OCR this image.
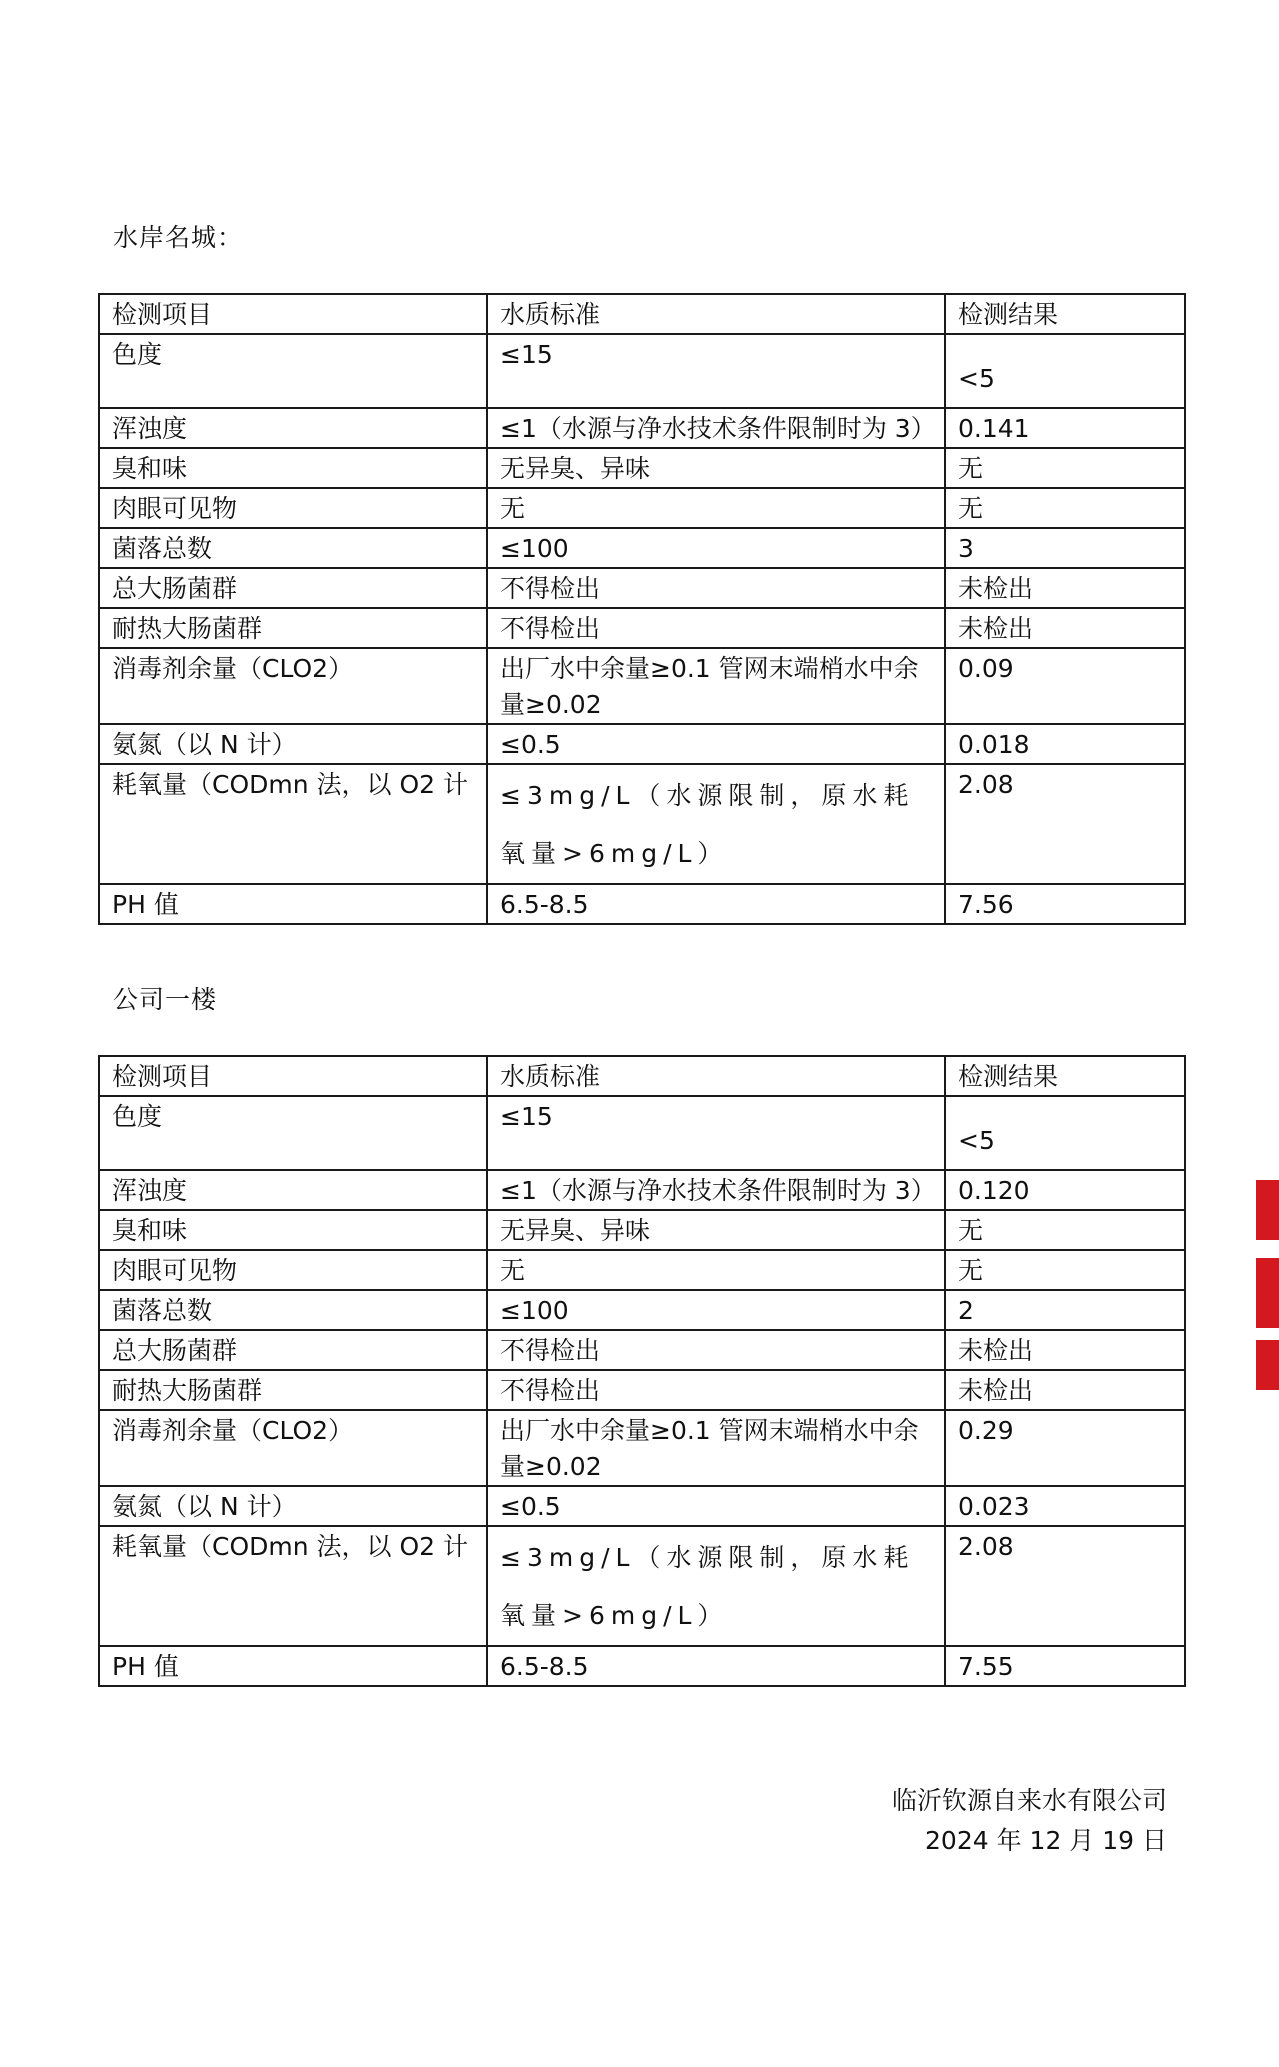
水岸名城：
检测项目	水质标准	检测结果
色度	≤15	<5
浑浊度	≤1（水源与净水技术条件限制时为 3）	0.141
臭和味	无异臭、异味	无
肉眼可见物	无	无
菌落总数	≤100	3
总大肠菌群	不得检出	未检出
耐热大肠菌群	不得检出	未检出
消毒剂余量（CLO2）	出厂水中余量≥0.1 管网末端梢水中余量≥0.02	0.09
氨氮（以 N 计）	≤0.5	0.018
耗氧量（CODmn 法，以 O2 计	≤3mg/L（水源限制，原水耗氧量>6mg/L）	2.08
PH 值	6.5-8.5	7.56
公司一楼
检测项目	水质标准	检测结果
色度	≤15	<5
浑浊度	≤1（水源与净水技术条件限制时为 3）	0.120
臭和味	无异臭、异味	无
肉眼可见物	无	无
菌落总数	≤100	2
总大肠菌群	不得检出	未检出
耐热大肠菌群	不得检出	未检出
消毒剂余量（CLO2）	出厂水中余量≥0.1 管网末端梢水中余量≥0.02	0.29
氨氮（以 N 计）	≤0.5	0.023
耗氧量（CODmn 法，以 O2 计	≤3mg/L（水源限制，原水耗氧量>6mg/L）	2.08
PH 值	6.5-8.5	7.55
临沂钦源自来水有限公司
2024 年 12 月 19 日
